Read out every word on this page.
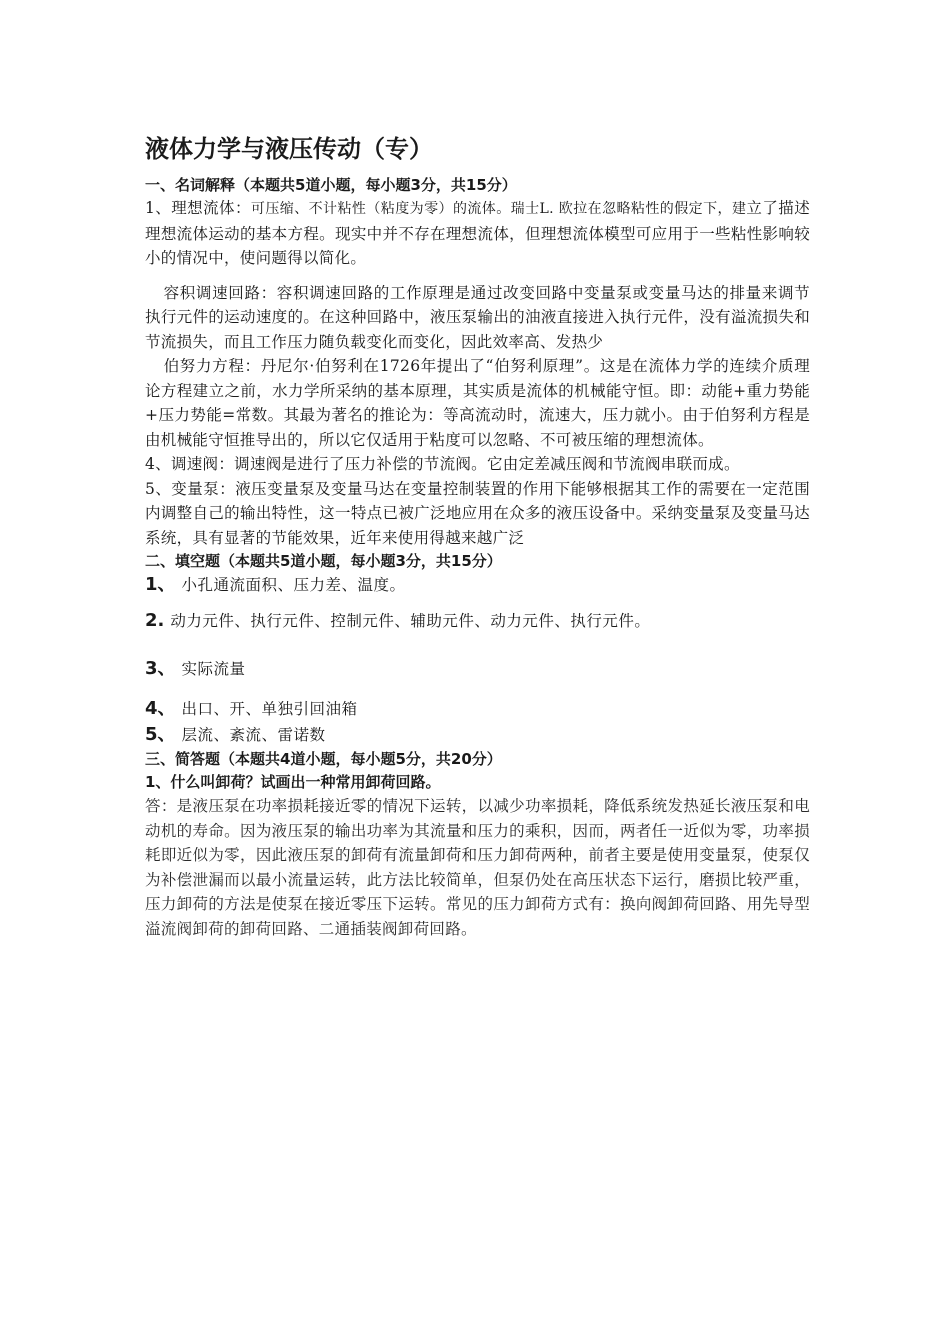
液体力学与液压传动（专）

一、名词解释（本题共5道小题，每小题3分，共15分）

1、理想流体：可压缩、不计粘性（粘度为零）的流体。瑞士L. 欧拉在忽略粘性的假定下，建立了描述理想流体运动的基本方程。现实中并不存在理想流体，但理想流体模型可应用于一些粘性影响较小的情况中，使问题得以简化。

容积调速回路：容积调速回路的工作原理是通过改变回路中变量泵或变量马达的排量来调节执行元件的运动速度的。在这种回路中，液压泵输出的油液直接进入执行元件，没有溢流损失和节流损失，而且工作压力随负载变化而变化，因此效率高、发热少

伯努力方程：丹尼尔·伯努利在1726年提出了“伯努利原理”。这是在流体力学的连续介质理论方程建立之前，水力学所采纳的基本原理，其实质是流体的机械能守恒。即：动能+重力势能+压力势能=常数。其最为著名的推论为：等高流动时，流速大，压力就小。由于伯努利方程是由机械能守恒推导出的，所以它仅适用于粘度可以忽略、不可被压缩的理想流体。

4、调速阀：调速阀是进行了压力补偿的节流阀。它由定差减压阀和节流阀串联而成。

5、变量泵：液压变量泵及变量马达在变量控制装置的作用下能够根据其工作的需要在一定范围内调整自己的输出特性，这一特点已被广泛地应用在众多的液压设备中。采纳变量泵及变量马达系统，具有显著的节能效果，近年来使用得越来越广泛

二、填空题（本题共5道小题，每小题3分，共15分）

1、 小孔通流面积、压力差、温度。

2. 动力元件、执行元件、控制元件、辅助元件、动力元件、执行元件。

3、 实际流量

4、 出口、开、单独引回油箱

5、 层流、紊流、雷诺数

三、简答题（本题共4道小题，每小题5分，共20分）

1、什么叫卸荷？试画出一种常用卸荷回路。

答：是液压泵在功率损耗接近零的情况下运转，以减少功率损耗，降低系统发热延长液压泵和电动机的寿命。因为液压泵的输出功率为其流量和压力的乘积，因而，两者任一近似为零，功率损耗即近似为零，因此液压泵的卸荷有流量卸荷和压力卸荷两种，前者主要是使用变量泵，使泵仅为补偿泄漏而以最小流量运转，此方法比较简单，但泵仍处在高压状态下运行，磨损比较严重，压力卸荷的方法是使泵在接近零压下运转。常见的压力卸荷方式有：换向阀卸荷回路、用先导型溢流阀卸荷的卸荷回路、二通插装阀卸荷回路。
